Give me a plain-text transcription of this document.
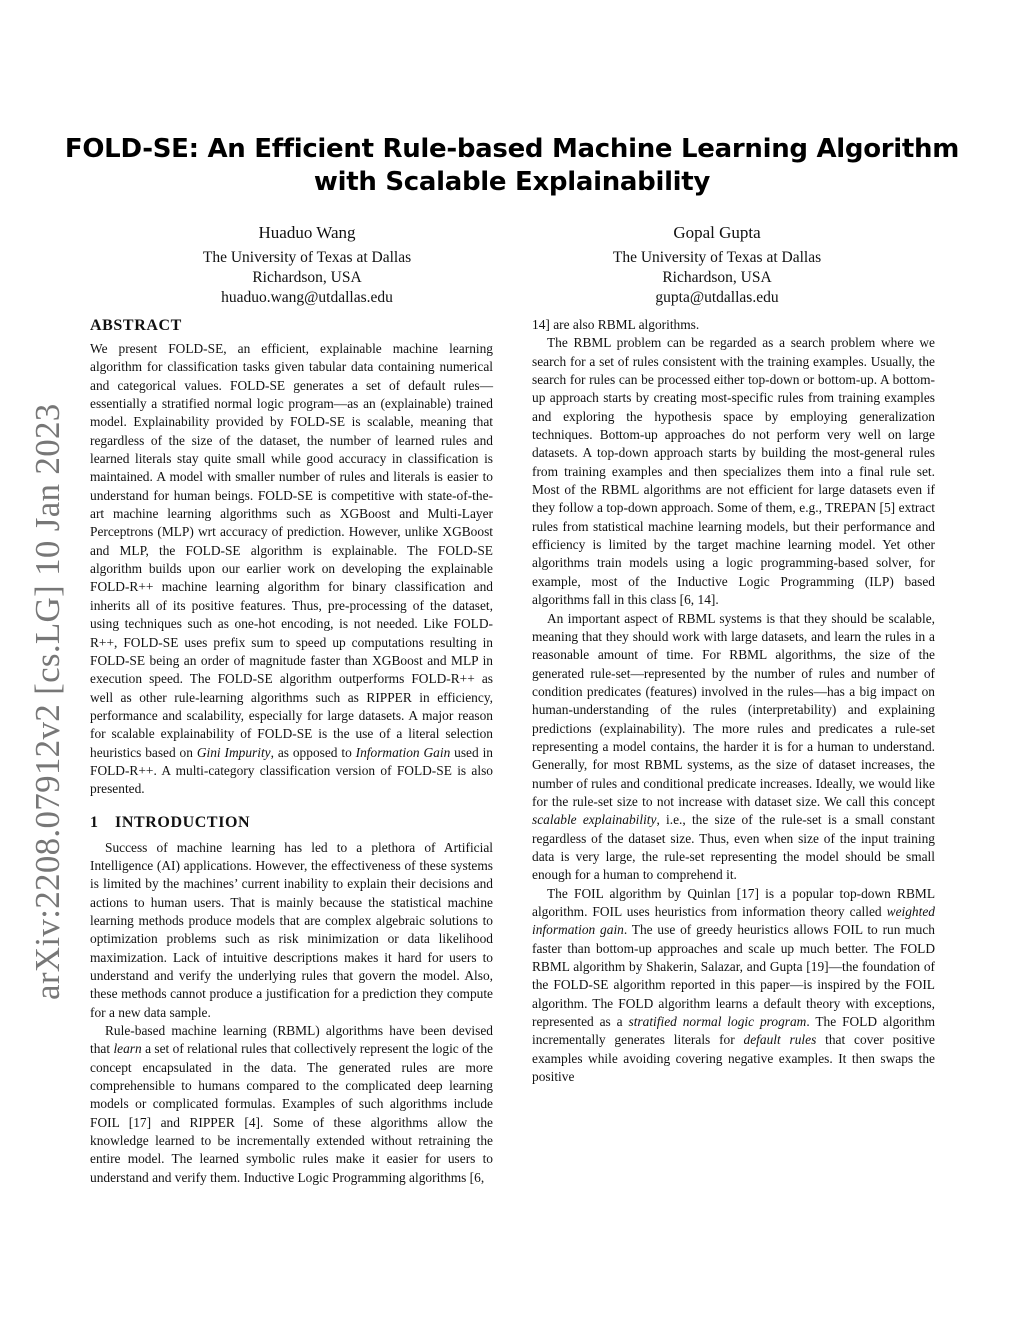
arXiv:2208.07912v2 [cs.LG] 10 Jan 2023
FOLD-SE: An Efficient Rule-based Machine Learning Algorithm
with Scalable Explainability
Huaduo Wang
The University of Texas at Dallas
Richardson, USA
huaduo.wang@utdallas.edu
Gopal Gupta
The University of Texas at Dallas
Richardson, USA
gupta@utdallas.edu
ABSTRACT

We present FOLD-SE, an efficient, explainable machine learning algorithm for classification tasks given tabular data containing numerical and categorical values. FOLD-SE generates a set of default rules—essentially a stratified normal logic program—as an (explainable) trained model. Explainability provided by FOLD-SE is scalable, meaning that regardless of the size of the dataset, the number of learned rules and learned literals stay quite small while good accuracy in classification is maintained. A model with smaller number of rules and literals is easier to understand for human beings. FOLD-SE is competitive with state-of-the-art machine learning algorithms such as XGBoost and Multi-Layer Perceptrons (MLP) wrt accuracy of prediction. However, unlike XGBoost and MLP, the FOLD-SE algorithm is explainable. The FOLD-SE algorithm builds upon our earlier work on developing the explainable FOLD-R++ machine learning algorithm for binary classification and inherits all of its positive features. Thus, pre-processing of the dataset, using techniques such as one-hot encoding, is not needed. Like FOLD-R++, FOLD-SE uses prefix sum to speed up computations resulting in FOLD-SE being an order of magnitude faster than XGBoost and MLP in execution speed. The FOLD-SE algorithm outperforms FOLD-R++ as well as other rule-learning algorithms such as RIPPER in efficiency, performance and scalability, especially for large datasets. A major reason for scalable explainability of FOLD-SE is the use of a literal selection heuristics based on Gini Impurity, as opposed to Information Gain used in FOLD-R++. A multi-category classification version of FOLD-SE is also presented.

1 INTRODUCTION

Success of machine learning has led to a plethora of Artificial Intelligence (AI) applications. However, the effectiveness of these systems is limited by the machines’ current inability to explain their decisions and actions to human users. That is mainly because the statistical machine learning methods produce models that are complex algebraic solutions to optimization problems such as risk minimization or data likelihood maximization. Lack of intuitive descriptions makes it hard for users to understand and verify the underlying rules that govern the model. Also, these methods cannot produce a justification for a prediction they compute for a new data sample.

Rule-based machine learning (RBML) algorithms have been devised that learn a set of relational rules that collectively represent the logic of the concept encapsulated in the data. The generated rules are more comprehensible to humans compared to the complicated deep learning models or complicated formulas. Examples of such algorithms include FOIL [17] and RIPPER [4]. Some of these algorithms allow the knowledge learned to be incrementally extended without retraining the entire model. The learned symbolic rules make it easier for users to understand and verify them. Inductive Logic Programming algorithms [6,

14] are also RBML algorithms.

The RBML problem can be regarded as a search problem where we search for a set of rules consistent with the training examples. Usually, the search for rules can be processed either top-down or bottom-up. A bottom-up approach starts by creating most-specific rules from training examples and exploring the hypothesis space by employing generalization techniques. Bottom-up approaches do not perform very well on large datasets. A top-down approach starts by building the most-general rules from training examples and then specializes them into a final rule set. Most of the RBML algorithms are not efficient for large datasets even if they follow a top-down approach. Some of them, e.g., TREPAN [5] extract rules from statistical machine learning models, but their performance and efficiency is limited by the target machine learning model. Yet other algorithms train models using a logic programming-based solver, for example, most of the Inductive Logic Programming (ILP) based algorithms fall in this class [6, 14].

An important aspect of RBML systems is that they should be scalable, meaning that they should work with large datasets, and learn the rules in a reasonable amount of time. For RBML algorithms, the size of the generated rule-set—represented by the number of rules and number of condition predicates (features) involved in the rules—has a big impact on human-understanding of the rules (interpretability) and explaining predictions (explainability). The more rules and predicates a rule-set representing a model contains, the harder it is for a human to understand. Generally, for most RBML systems, as the size of dataset increases, the number of rules and conditional predicate increases. Ideally, we would like for the rule-set size to not increase with dataset size. We call this concept scalable explainability, i.e., the size of the rule-set is a small constant regardless of the dataset size. Thus, even when size of the input training data is very large, the rule-set representing the model should be small enough for a human to comprehend it.

The FOIL algorithm by Quinlan [17] is a popular top-down RBML algorithm. FOIL uses heuristics from information theory called weighted information gain. The use of greedy heuristics allows FOIL to run much faster than bottom-up approaches and scale up much better. The FOLD RBML algorithm by Shakerin, Salazar, and Gupta [19]—the foundation of the FOLD-SE algorithm reported in this paper—is inspired by the FOIL algorithm. The FOLD algorithm learns a default theory with exceptions, represented as a stratified normal logic program. The FOLD algorithm incrementally generates literals for default rules that cover positive examples while avoiding covering negative examples. It then swaps the positive
